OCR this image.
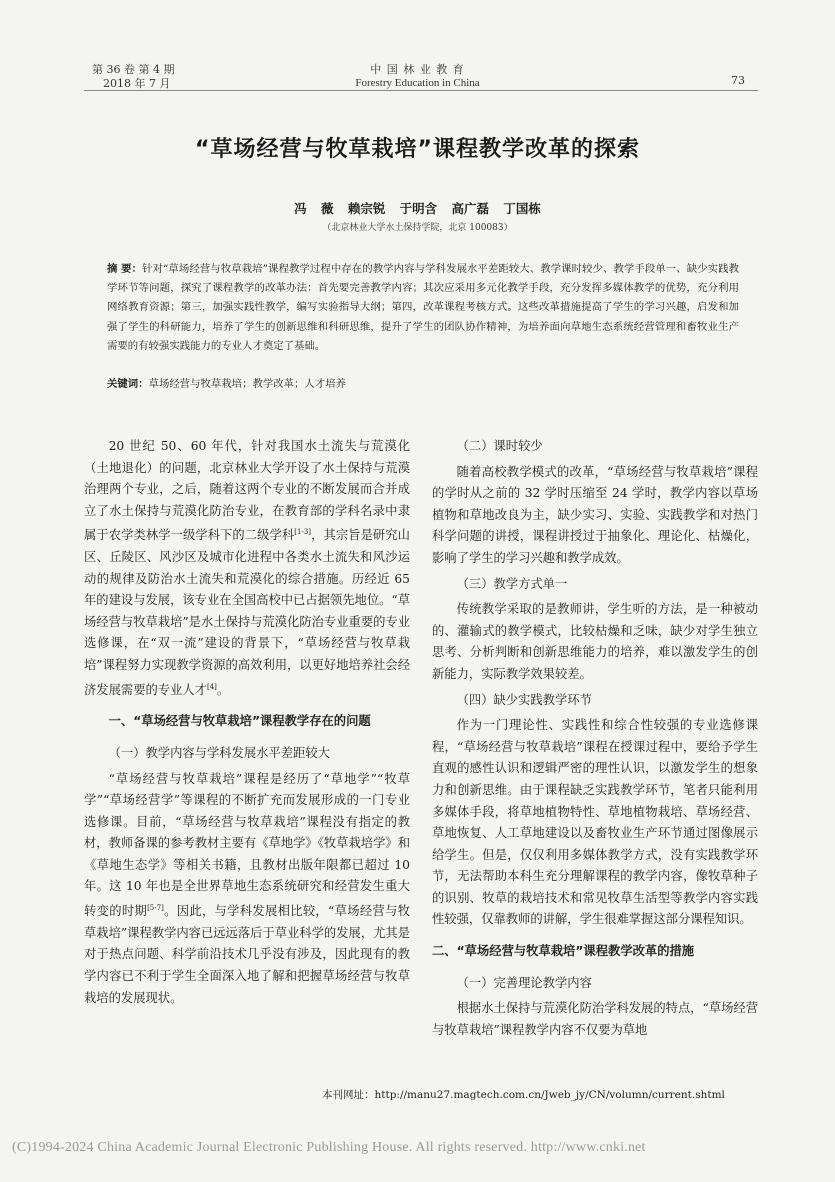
第 36 卷 第 4 期
2018 年 7 月
中 国 林 业 教 育
Forestry Education in China	73
“草场经营与牧草栽培”课程教学改革的探索
冯 薇 赖宗锐 于明含 高广磊 丁国栋
（北京林业大学水土保持学院，北京 100083）
摘 要：针对“草场经营与牧草栽培”课程教学过程中存在的教学内容与学科发展水平差距较大、教学课时较少、教学手段单一、缺少实践教学环节等问题，探究了课程教学的改革办法：首先要完善教学内容；其次应采用多元化教学手段，充分发挥多媒体教学的优势，充分利用网络教育资源；第三，加强实践性教学，编写实验指导大纲；第四，改革课程考核方式。这些改革措施提高了学生的学习兴趣，启发和加强了学生的科研能力，培养了学生的创新思维和科研思维，提升了学生的团队协作精神，为培养面向草地生态系统经营管理和畜牧业生产需要的有较强实践能力的专业人才奠定了基础。
关键词：草场经营与牧草栽培；教学改革；人才培养

20 世纪 50、60 年代，针对我国水土流失与荒漠化（土地退化）的问题，北京林业大学开设了水土保持与荒漠治理两个专业，之后，随着这两个专业的不断发展而合并成立了水土保持与荒漠化防治专业，在教育部的学科名录中隶属于农学类林学一级学科下的二级学科[1-3]，其宗旨是研究山区、丘陵区、风沙区及城市化进程中各类水土流失和风沙运动的规律及防治水土流失和荒漠化的综合措施。历经近 65 年的建设与发展，该专业在全国高校中已占据领先地位。“草场经营与牧草栽培”是水土保持与荒漠化防治专业重要的专业选修课，在“双一流”建设的背景下，“草场经营与牧草栽培”课程努力实现教学资源的高效利用，以更好地培养社会经济发展需要的专业人才[4]。

一、“草场经营与牧草栽培”课程教学存在的问题

（一）教学内容与学科发展水平差距较大

“草场经营与牧草栽培”课程是经历了“草地学”“牧草学”“草场经营学”等课程的不断扩充而发展形成的一门专业选修课。目前，“草场经营与牧草栽培”课程没有指定的教材，教师备课的参考教材主要有《草地学》《牧草栽培学》和《草地生态学》等相关书籍，且教材出版年限都已超过 10 年。这 10 年也是全世界草地生态系统研究和经营发生重大转变的时期[5-7]。因此，与学科发展相比较，“草场经营与牧草栽培”课程教学内容已远远落后于草业科学的发展，尤其是对于热点问题、科学前沿技术几乎没有涉及，因此现有的教学内容已不利于学生全面深入地了解和把握草场经营与牧草栽培的发展现状。

（二）课时较少

随着高校教学模式的改革，“草场经营与牧草栽培”课程的学时从之前的 32 学时压缩至 24 学时，教学内容以草场植物和草地改良为主，缺少实习、实验、实践教学和对热门科学问题的讲授，课程讲授过于抽象化、理论化、枯燥化，影响了学生的学习兴趣和教学成效。

（三）教学方式单一

传统教学采取的是教师讲，学生听的方法，是一种被动的、灌输式的教学模式，比较枯燥和乏味，缺少对学生独立思考、分析判断和创新思维能力的培养，难以激发学生的创新能力，实际教学效果较差。

（四）缺少实践教学环节

作为一门理论性、实践性和综合性较强的专业选修课程，“草场经营与牧草栽培”课程在授课过程中，要给予学生直观的感性认识和逻辑严密的理性认识，以激发学生的想象力和创新思维。由于课程缺乏实践教学环节，笔者只能利用多媒体手段，将草地植物特性、草地植物栽培、草场经营、草地恢复、人工草地建设以及畜牧业生产环节通过图像展示给学生。但是，仅仅利用多媒体教学方式，没有实践教学环节，无法帮助本科生充分理解课程的教学内容，像牧草种子的识别、牧草的栽培技术和常见牧草生活型等教学内容实践性较强，仅靠教师的讲解，学生很难掌握这部分课程知识。

二、“草场经营与牧草栽培”课程教学改革的措施

（一）完善理论教学内容

根据水土保持与荒漠化防治学科发展的特点，“草场经营与牧草栽培”课程教学内容不仅要为草地

本刊网址：http://manu27.magtech.com.cn/Jweb_jy/CN/volumn/current.shtml
(C)1994-2024 China Academic Journal Electronic Publishing House. All rights reserved. http://www.cnki.net
